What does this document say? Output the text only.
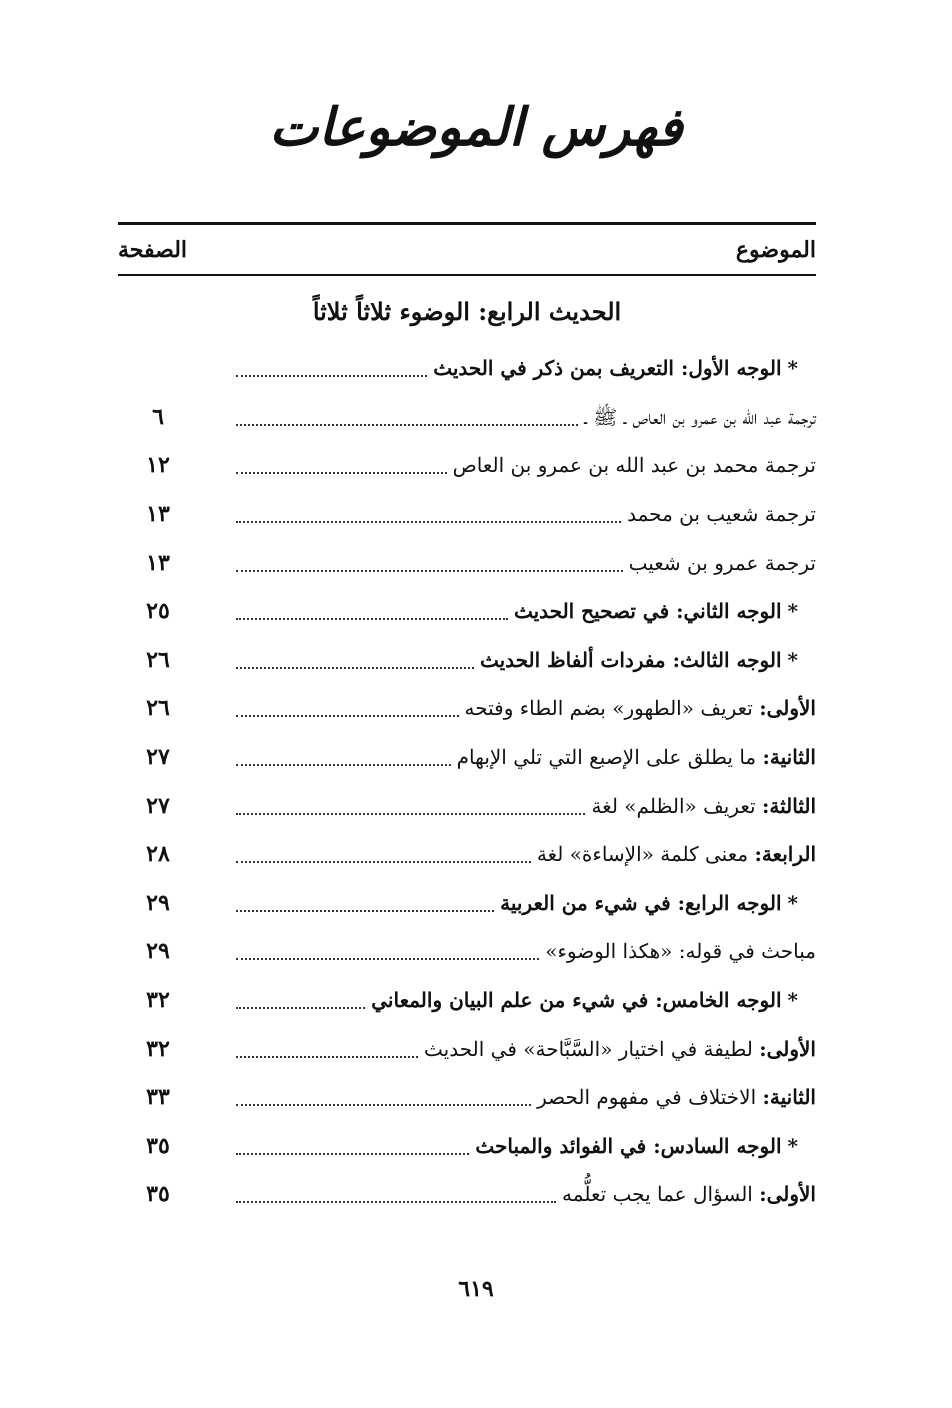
فهرس الموضوعات
الموضوع
الصفحة
الحديث الرابع: الوضوء ثلاثاً ثلاثاً
*الوجه الأول: التعريف بمن ذكر في الحديث
ترجمة عبد الله بن عمرو بن العاص ـ ﷺ ـ
٦
ترجمة محمد بن عبد الله بن عمرو بن العاص
١٢
ترجمة شعيب بن محمد
١٣
ترجمة عمرو بن شعيب
١٣
*الوجه الثاني: في تصحيح الحديث
٢٥
*الوجه الثالث: مفردات ألفاظ الحديث
٢٦
الأولى: تعريف «الطهور» بضم الطاء وفتحه
٢٦
الثانية: ما يطلق على الإصبع التي تلي الإبهام
٢٧
الثالثة: تعريف «الظلم» لغة
٢٧
الرابعة: معنى كلمة «الإساءة» لغة
٢٨
*الوجه الرابع: في شيء من العربية
٢٩
مباحث في قوله: «هكذا الوضوء»
٢٩
*الوجه الخامس: في شيء من علم البيان والمعاني
٣٢
الأولى: لطيفة في اختيار «السَّبَّاحة» في الحديث
٣٢
الثانية: الاختلاف في مفهوم الحصر
٣٣
*الوجه السادس: في الفوائد والمباحث
٣٥
الأولى: السؤال عما يجب تعلُّمه
٣٥
٦١٩
